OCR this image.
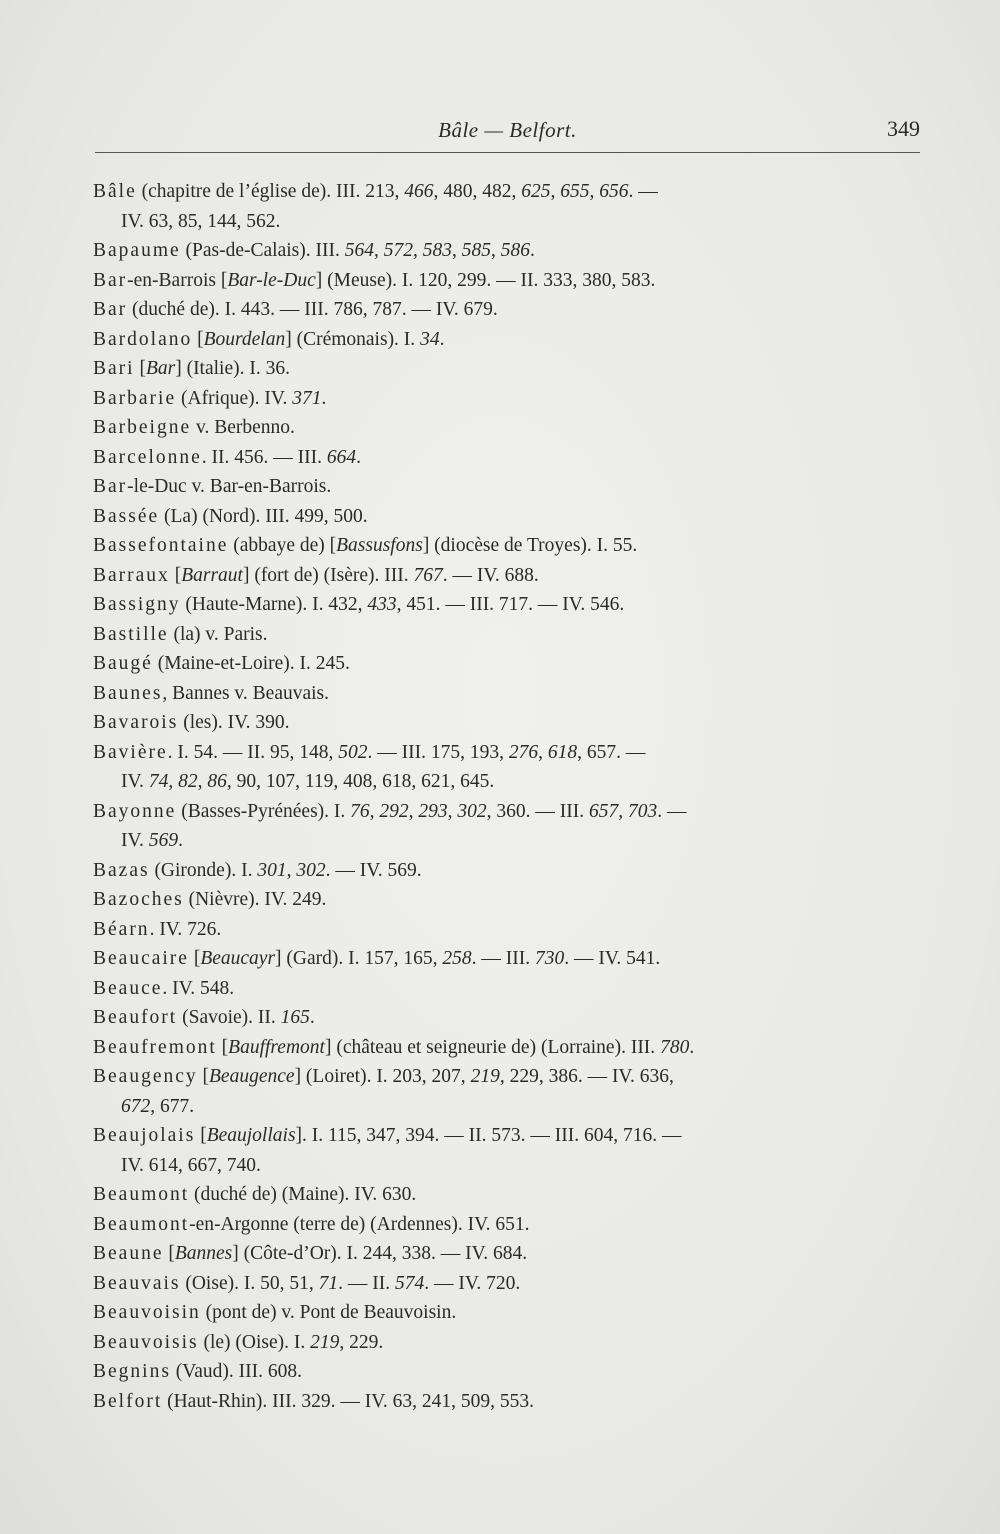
Bâle — Belfort.	349
Bâle (chapitre de l’église de). III. 213, 466, 480, 482, 625, 655, 656. —
IV. 63, 85, 144, 562.
Bapaume (Pas-de-Calais). III. 564, 572, 583, 585, 586.
Bar-en-Barrois [Bar-le-Duc] (Meuse). I. 120, 299. — II. 333, 380, 583.
Bar (duché de). I. 443. — III. 786, 787. — IV. 679.
Bardolano [Bourdelan] (Crémonais). I. 34.
Bari [Bar] (Italie). I. 36.
Barbarie (Afrique). IV. 371.
Barbeigne v. Berbenno.
Barcelonne. II. 456. — III. 664.
Bar-le-Duc v. Bar-en-Barrois.
Bassée (La) (Nord). III. 499, 500.
Bassefontaine (abbaye de) [Bassusfons] (diocèse de Troyes). I. 55.
Barraux [Barraut] (fort de) (Isère). III. 767. — IV. 688.
Bassigny (Haute-Marne). I. 432, 433, 451. — III. 717. — IV. 546.
Bastille (la) v. Paris.
Baugé (Maine-et-Loire). I. 245.
Baunes, Bannes v. Beauvais.
Bavarois (les). IV. 390.
Bavière. I. 54. — II. 95, 148, 502. — III. 175, 193, 276, 618, 657. —
IV. 74, 82, 86, 90, 107, 119, 408, 618, 621, 645.
Bayonne (Basses-Pyrénées). I. 76, 292, 293, 302, 360. — III. 657, 703. —
IV. 569.
Bazas (Gironde). I. 301, 302. — IV. 569.
Bazoches (Nièvre). IV. 249.
Béarn. IV. 726.
Beaucaire [Beaucayr] (Gard). I. 157, 165, 258. — III. 730. — IV. 541.
Beauce. IV. 548.
Beaufort (Savoie). II. 165.
Beaufremont [Bauffremont] (château et seigneurie de) (Lorraine). III. 780.
Beaugency [Beaugence] (Loiret). I. 203, 207, 219, 229, 386. — IV. 636,
672, 677.
Beaujolais [Beaujollais]. I. 115, 347, 394. — II. 573. — III. 604, 716. —
IV. 614, 667, 740.
Beaumont (duché de) (Maine). IV. 630.
Beaumont-en-Argonne (terre de) (Ardennes). IV. 651.
Beaune [Bannes] (Côte-d’Or). I. 244, 338. — IV. 684.
Beauvais (Oise). I. 50, 51, 71. — II. 574. — IV. 720.
Beauvoisin (pont de) v. Pont de Beauvoisin.
Beauvoisis (le) (Oise). I. 219, 229.
Begnins (Vaud). III. 608.
Belfort (Haut-Rhin). III. 329. — IV. 63, 241, 509, 553.
